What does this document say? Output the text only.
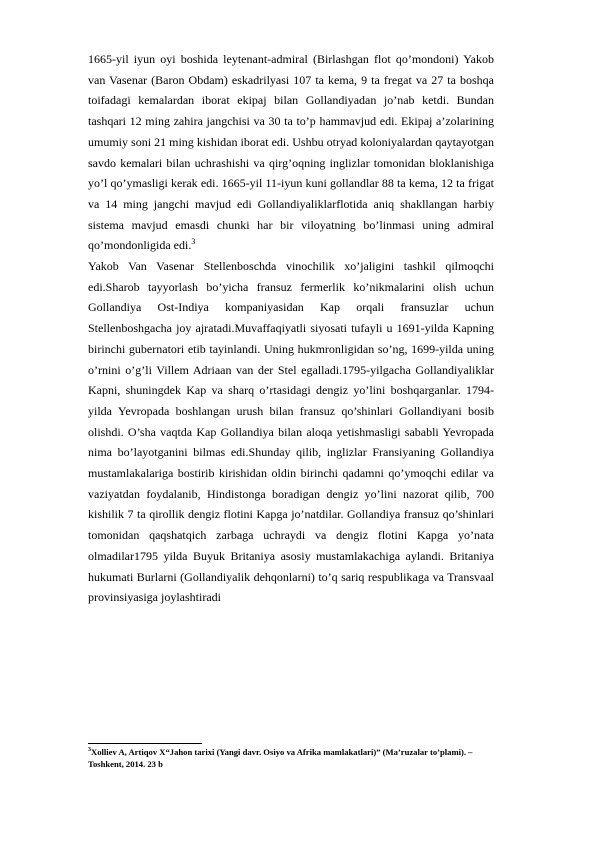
1665-yil iyun oyi boshida leytenant-admiral (Birlashgan flot qo’mondoni) Yakob van Vasenar (Baron Obdam) eskadrilyasi 107 ta kema, 9 ta fregat va 27 ta boshqa toifadagi kemalardan iborat ekipaj bilan Gollandiyadan jo’nab ketdi. Bundan tashqari 12 ming zahira jangchisi va 30 ta to’p hammavjud edi. Ekipaj a’zolarining umumiy soni 21 ming kishidan iborat edi. Ushbu otryad koloniyalardan qaytayotgan savdo kemalari bilan uchrashishi va qirg’oqning inglizlar tomonidan bloklanishiga yo’l qo’ymasligi kerak edi. 1665-yil 11-iyun kuni gollandlar 88 ta kema, 12 ta frigat va 14 ming jangchi mavjud edi Gollandiyaliklarflotida aniq shakllangan harbiy sistema mavjud emasdi chunki har bir viloyatning bo’linmasi uning admiral qo’mondonligida edi.$^3$

Yakob Van Vasenar Stellenboschda vinochilik xo’jaligini tashkil qilmoqchi edi.Sharob tayyorlash bo’yicha fransuz fermerlik ko’nikmalarini olish uchun Gollandiya Ost-Indiya kompaniyasidan Kap orqali fransuzlar uchun Stellenboshgacha joy ajratadi.Muvaffaqiyatli siyosati tufayli u 1691-yilda Kapning birinchi gubernatori etib tayinlandi. Uning hukmronligidan so’ng, 1699-yilda uning o’rnini o’g’li Villem Adriaan van der Stel egalladi.1795-yilgacha Gollandiyaliklar Kapni, shuningdek Kap va sharq o’rtasidagi dengiz yo’lini boshqarganlar. 1794-yilda Yevropada boshlangan urush bilan fransuz qo’shinlari Gollandiyani bosib olishdi. O’sha vaqtda Kap Gollandiya bilan aloqa yetishmasligi sababli Yevropada nima bo’layotganini bilmas edi.Shunday qilib, inglizlar Fransiyaning Gollandiya mustamlakalariga bostirib kirishidan oldin birinchi qadamni qo’ymoqchi edilar va vaziyatdan foydalanib, Hindistonga boradigan dengiz yo’lini nazorat qilib, 700 kishilik 7 ta qirollik dengiz flotini Kapga jo’natdilar. Gollandiya fransuz qo’shinlari tomonidan qaqshatqich zarbaga uchraydi va dengiz flotini Kapga yo’nata olmadilar1795 yilda Buyuk Britaniya asosiy mustamlakachiga aylandi. Britaniya hukumati Burlarni (Gollandiyalik dehqonlarni) to’q sariq respublikaga va Transvaal provinsiyasiga joylashtiradi

$^3$Xolliev A, Artiqov X“Jahon tarixi (Yangi davr. Osiyo va Afrika mamlakatlari)” (Ma’ruzalar to’plami). – Toshkent, 2014. 23 b
